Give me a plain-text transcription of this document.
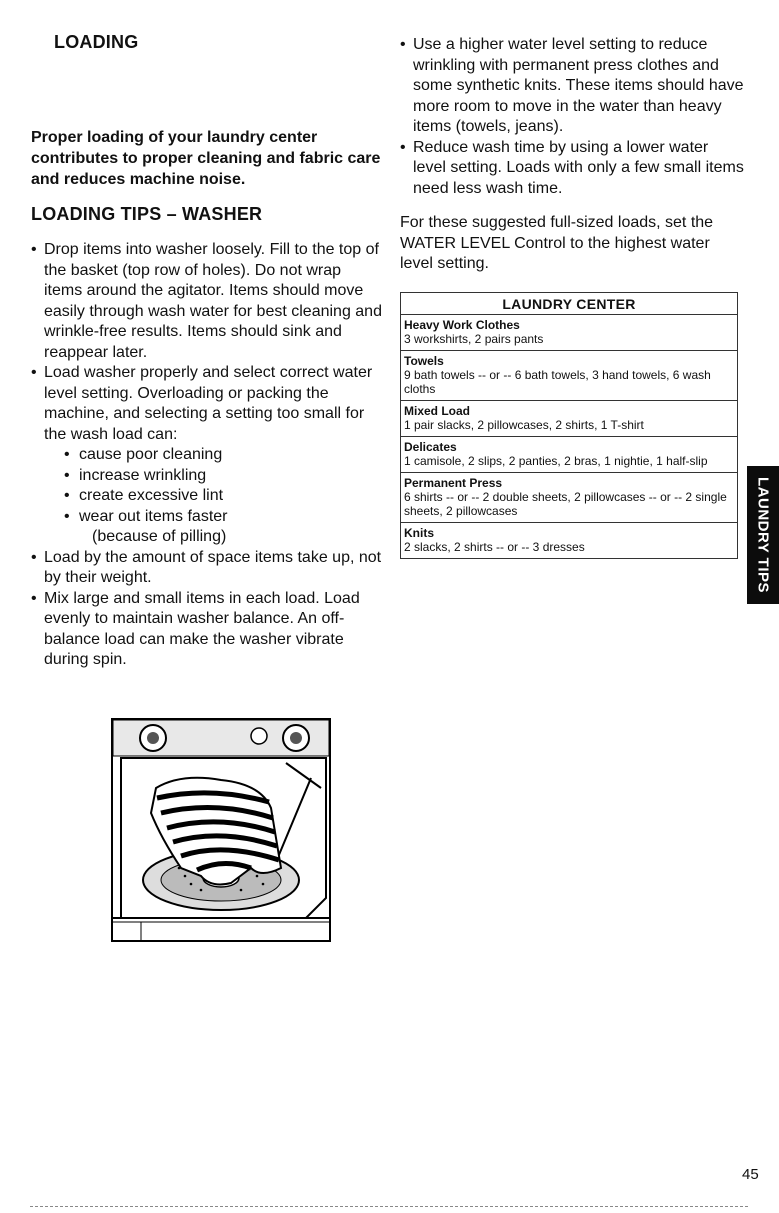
LOADING
Proper loading of your laundry center contributes to proper cleaning and fabric care and reduces machine noise.
LOADING TIPS – WASHER
• Drop items into washer loosely. Fill to the top of the basket (top row of holes). Do not wrap items around the agitator. Items should move easily through wash water for best cleaning and wrinkle-free results. Items should sink and reappear later.
• Load washer properly and select correct water level setting. Overloading or packing the machine, and selecting a setting too small for the wash load can:
• cause poor cleaning
• increase wrinkling
• create excessive lint
• wear out items faster
(because of pilling)
• Load by the amount of space items take up, not by their weight.
• Mix large and small items in each load. Load evenly to maintain washer balance. An off-balance load can make the washer vibrate during spin.
• Use a higher water level setting to reduce wrinkling with permanent press clothes and some synthetic knits. These items should have more room to move in the water than heavy items (towels, jeans).
• Reduce wash time by using a lower water level setting. Loads with only a few small items need less wash time.
For these suggested full-sized loads, set the WATER LEVEL Control to the highest water level setting.
LAUNDRY CENTER

Heavy Work Clothes
3 workshirts, 2 pairs pants

Towels
9 bath towels -- or -- 6 bath towels, 3 hand towels, 6 wash cloths

Mixed Load
1 pair slacks, 2 pillowcases, 2 shirts, 1 T-shirt

Delicates
1 camisole, 2 slips, 2 panties, 2 bras, 1 nightie, 1 half-slip

Permanent Press
6 shirts -- or -- 2 double sheets, 2 pillowcases -- or -- 2 single sheets, 2 pillowcases

Knits
2 slacks, 2 shirts -- or -- 3 dresses	LAUNDRY TIPS
45
